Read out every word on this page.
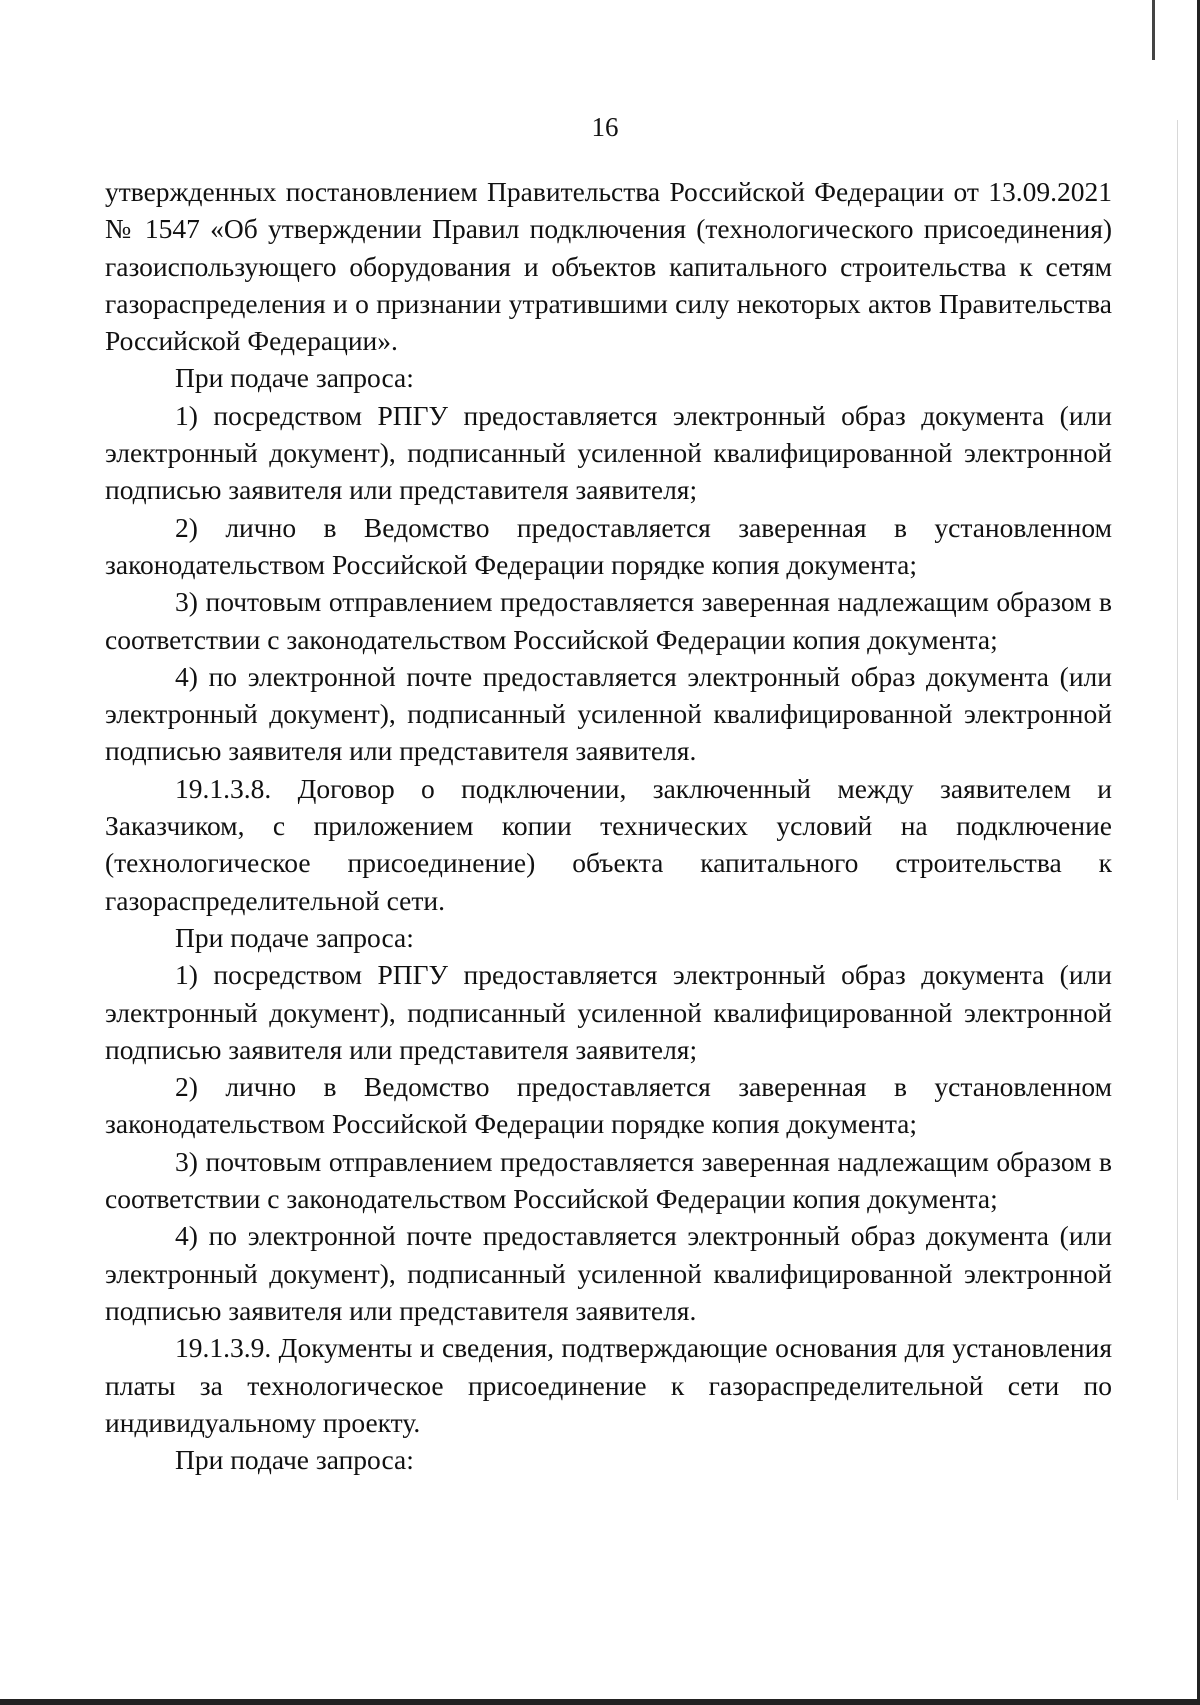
16

утвержденных постановлением Правительства Российской Федерации от 13.09.2021 № 1547 «Об утверждении Правил подключения (технологического присоединения) газоиспользующего оборудования и объектов капитального строительства к сетям газораспределения и о признании утратившими силу некоторых актов Правительства Российской Федерации».

При подаче запроса:

1) посредством РПГУ предоставляется электронный образ документа (или электронный документ), подписанный усиленной квалифицированной электронной подписью заявителя или представителя заявителя;

2) лично в Ведомство предоставляется заверенная в установленном законодательством Российской Федерации порядке копия документа;

3) почтовым отправлением предоставляется заверенная надлежащим образом в соответствии с законодательством Российской Федерации копия документа;

4) по электронной почте предоставляется электронный образ документа (или электронный документ), подписанный усиленной квалифицированной электронной подписью заявителя или представителя заявителя.

19.1.3.8. Договор о подключении, заключенный между заявителем и Заказчиком, с приложением копии технических условий на подключение (технологическое присоединение) объекта капитального строительства к газораспределительной сети.

При подаче запроса:

1) посредством РПГУ предоставляется электронный образ документа (или электронный документ), подписанный усиленной квалифицированной электронной подписью заявителя или представителя заявителя;

2) лично в Ведомство предоставляется заверенная в установленном законодательством Российской Федерации порядке копия документа;

3) почтовым отправлением предоставляется заверенная надлежащим образом в соответствии с законодательством Российской Федерации копия документа;

4) по электронной почте предоставляется электронный образ документа (или электронный документ), подписанный усиленной квалифицированной электронной подписью заявителя или представителя заявителя.

19.1.3.9. Документы и сведения, подтверждающие основания для установления платы за технологическое присоединение к газораспределительной сети по индивидуальному проекту.

При подаче запроса:
